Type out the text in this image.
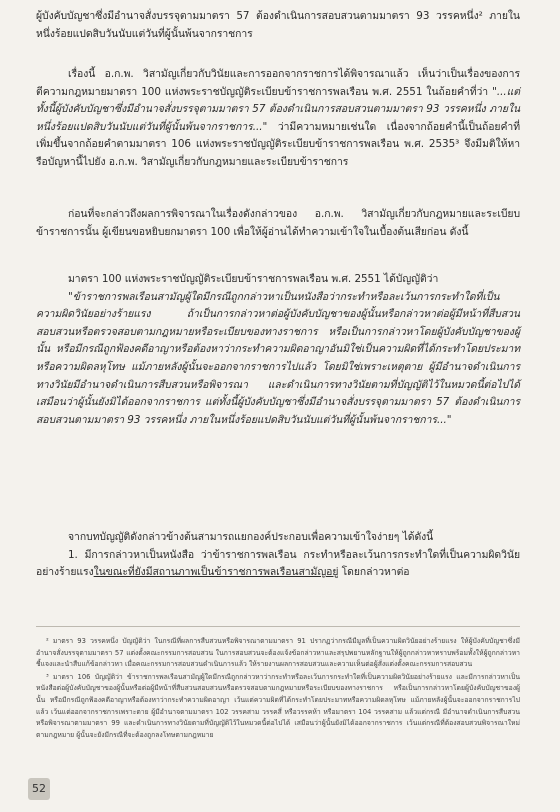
ผู้บังคับบัญชาซึ่งมีอำนาจสั่งบรรจุตามมาตรา 57 ต้องดำเนินการสอบสวนตามมาตรา 93 วรรคหนึ่ง² ภายในหนึ่งร้อยแปดสิบวันนับแต่วันที่ผู้นั้นพ้นจากราชการ

เรื่องนี้ อ.ก.พ. วิสามัญเกี่ยวกับวินัยและการออกจากราชการได้พิจารณาแล้ว เห็นว่าเป็นเรื่องของการตีความกฎหมายมาตรา 100 แห่งพระราชบัญญัติระเบียบข้าราชการพลเรือน พ.ศ. 2551 ในถ้อยคำที่ว่า "...แต่ทั้งนี้ผู้บังคับบัญชาซึ่งมีอำนาจสั่งบรรจุตามมาตรา 57 ต้องดำเนินการสอบสวนตามมาตรา 93 วรรคหนึ่ง ภายในหนึ่งร้อยแปดสิบวันนับแต่วันที่ผู้นั้นพ้นจากราชการ..." ว่ามีความหมายเช่นใด เนื่องจากถ้อยคำนี้เป็นถ้อยคำที่เพิ่มขึ้นจากถ้อยคำตามมาตรา 106 แห่งพระราชบัญญัติระเบียบข้าราชการพลเรือน พ.ศ. 2535³ จึงมีมติให้หารือบัญหานี้ไปยัง อ.ก.พ. วิสามัญเกี่ยวกับกฎหมายและระเบียบข้าราชการ

ก่อนที่จะกล่าวถึงผลการพิจารณาในเรื่องดังกล่าวของ อ.ก.พ. วิสามัญเกี่ยวกับกฎหมายและระเบียบข้าราชการนั้น ผู้เขียนขอหยิบยกมาตรา 100 เพื่อให้ผู้อ่านได้ทำความเข้าใจในเบื้องต้นเสียก่อน ดังนี้

มาตรา 100 แห่งพระราชบัญญัติระเบียบข้าราชการพลเรือน พ.ศ. 2551 ได้บัญญัติว่า

"ข้าราชการพลเรือนสามัญผู้ใดมีกรณีถูกกล่าวหาเป็นหนังสือว่ากระทำหรือละเว้นการกระทำใดที่เป็นความผิดวินัยอย่างร้ายแรง ถ้าเป็นการกล่าวหาต่อผู้บังคับบัญชาของผู้นั้นหรือกล่าวหาต่อผู้มีหน้าที่สืบสวนสอบสวนหรือตรวจสอบตามกฎหมายหรือระเบียบของทางราชการ หรือเป็นการกล่าวหาโดยผู้บังคับบัญชาของผู้นั้น หรือมีกรณีถูกฟ้องคดีอาญาหรือต้องหาว่ากระทำความผิดอาญาอันมิใช่เป็นความผิดที่ได้กระทำโดยประมาทหรือความผิดลหุโทษ แม้ภายหลังผู้นั้นจะออกจากราชการไปแล้ว โดยมิใช่เพราะเหตุตาย ผู้มีอำนาจดำเนินการทางวินัยมีอำนาจดำเนินการสืบสวนหรือพิจารณา และดำเนินการทางวินัยตามที่บัญญัติไว้ในหมวดนี้ต่อไปได้เสมือนว่าผู้นั้นยังมิได้ออกจากราชการ แต่ทั้งนี้ผู้บังคับบัญชาซึ่งมีอำนาจสั่งบรรจุตามมาตรา 57 ต้องดำเนินการสอบสวนตามมาตรา 93 วรรคหนึ่ง ภายในหนึ่งร้อยแปดสิบวันนับแต่วันที่ผู้นั้นพ้นจากราชการ..."

จากบทบัญญัติดังกล่าวข้างต้นสามารถแยกองค์ประกอบเพื่อความเข้าใจง่ายๆ ได้ดังนี้

1. มีการกล่าวหาเป็นหนังสือ ว่าข้าราชการพลเรือน กระทำหรือละเว้นการกระทำใดที่เป็นความผิดวินัยอย่างร้ายแรงในขณะที่ยังมีสถานภาพเป็นข้าราชการพลเรือนสามัญอยู่ โดยกล่าวหาต่อ

² มาตรา 93 วรรคหนึ่ง บัญญัติว่า ในกรณีที่ผลการสืบสวนหรือพิจารณาตามมาตรา 91 ปรากฏว่ากรณีมีมูลที่เป็นความผิดวินัยอย่างร้ายแรง ให้ผู้บังคับบัญชาซึ่งมีอำนาจสั่งบรรจุตามมาตรา 57 แต่งตั้งคณะกรรมการสอบสวน ในการสอบสวนจะต้องแจ้งข้อกล่าวหาและสรุปพยานหลักฐานให้ผู้ถูกกล่าวหาทราบพร้อมทั้งให้ผู้ถูกกล่าวหาชี้แจงและนำสืบแก้ข้อกล่าวหา เมื่อคณะกรรมการสอบสวนดำเนินการแล้ว ให้รายงานผลการสอบสวนและความเห็นต่อผู้สั่งแต่งตั้งคณะกรรมการสอบสวน

³ มาตรา 106 บัญญัติว่า ข้าราชการพลเรือนสามัญผู้ใดมีกรณีถูกกล่าวหาว่ากระทำหรือละเว้นการกระทำใดที่เป็นความผิดวินัยอย่างร้ายแรง และมีการกล่าวหาเป็นหนังสือต่อผู้บังคับบัญชาของผู้นั้นหรือต่อผู้มีหน้าที่สืบสวนสอบสวนหรือตรวจสอบตามกฎหมายหรือระเบียบของทางราชการ หรือเป็นการกล่าวหาโดยผู้บังคับบัญชาของผู้นั้น หรือมีกรณีถูกฟ้องคดีอาญาหรือต้องหาว่ากระทำความผิดอาญา เว้นแต่ความผิดที่ได้กระทำโดยประมาทหรือความผิดลหุโทษ แม้ภายหลังผู้นั้นจะออกจากราชการไปแล้ว เว้นแต่ออกจากราชการเพราะตาย ผู้มีอำนาจตามมาตรา 102 วรรคสาม วรรคสี่ หรือวรรคห้า หรือมาตรา 104 วรรคสาม แล้วแต่กรณี มีอำนาจดำเนินการสืบสวนหรือพิจารณาตามมาตรา 99 และดำเนินการทางวินัยตามที่บัญญัติไว้ในหมวดนี้ต่อไปได้ เสมือนว่าผู้นั้นยังมิได้ออกจากราชการ เว้นแต่กรณีที่ต้องสอบสวนพิจารณาใหม่ตามกฎหมาย ผู้นั้นจะยังมีกรณีที่จะต้องถูกลงโทษตามกฎหมาย

52
